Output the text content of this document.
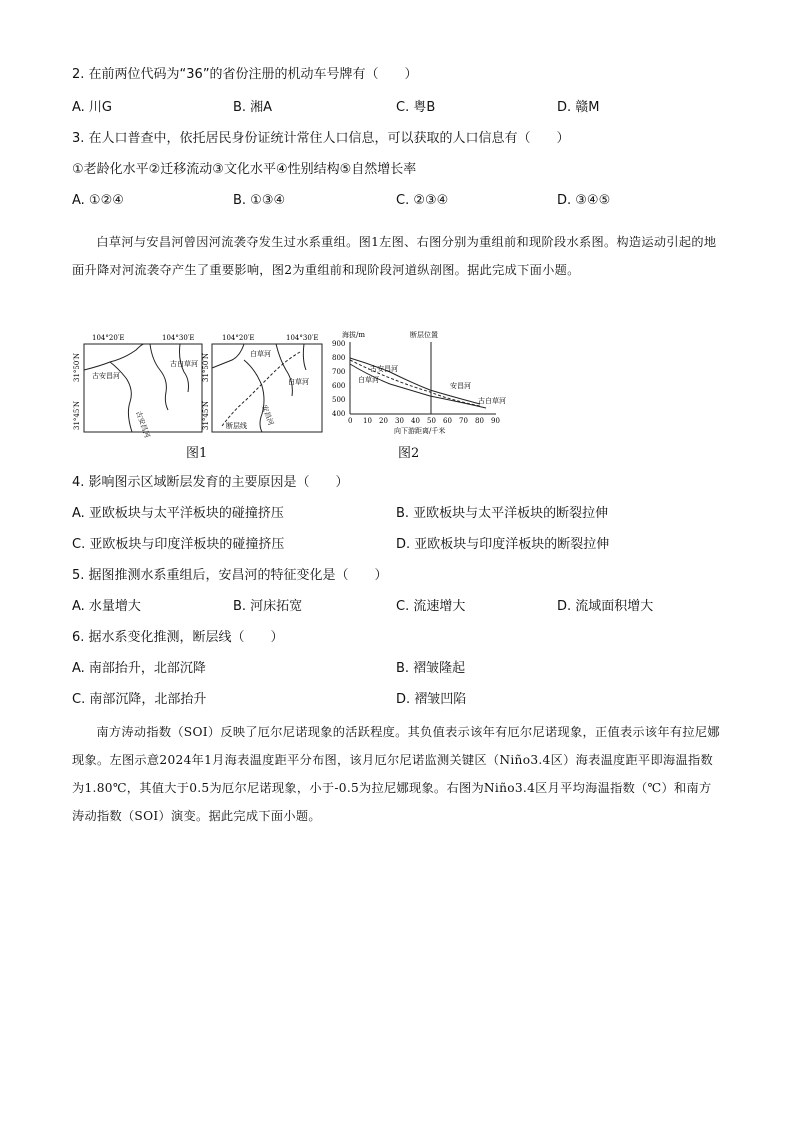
2. 在前两位代码为“36”的省份注册的机动车号牌有（　　）
A. 川G	B. 湘A	C. 粤B	D. 赣M
3. 在人口普查中，依托居民身份证统计常住人口信息，可以获取的人口信息有（　　）
①老龄化水平②迁移流动③文化水平④性别结构⑤自然增长率
A. ①②④	B. ①③④	C. ②③④	D. ③④⑤
白草河与安昌河曾因河流袭夺发生过水系重组。图1左图、右图分别为重组前和现阶段水系图。构造运动引起的地面升降对河流袭夺产生了重要影响，图2为重组前和现阶段河道纵剖图。据此完成下面小题。
104°20′E	104°30′E
31°50′N
31°45′N
古安昌河
古白草河
古安昌河
104°20′E	104°30′E
31°50′N
31°45′N
白草河
白草河
安昌河
断层线
图1
海拔/m	断层位置
900
800
700
600
500
400
0 10 20 30 40 50 60 70 80 90
古安昌河
白草河
安昌河
古白草河
向下游距离/千米
图2
4. 影响图示区域断层发育的主要原因是（　　）
A. 亚欧板块与太平洋板块的碰撞挤压	B. 亚欧板块与太平洋板块的断裂拉伸
C. 亚欧板块与印度洋板块的碰撞挤压	D. 亚欧板块与印度洋板块的断裂拉伸
5. 据图推测水系重组后，安昌河的特征变化是（　　）
A. 水量增大	B. 河床拓宽	C. 流速增大	D. 流域面积增大
6. 据水系变化推测，断层线（　　）
A. 南部抬升，北部沉降	B. 褶皱隆起
C. 南部沉降，北部抬升	D. 褶皱凹陷
南方涛动指数（SOI）反映了厄尔尼诺现象的活跃程度。其负值表示该年有厄尔尼诺现象，正值表示该年有拉尼娜现象。左图示意2024年1月海表温度距平分布图，该月厄尔尼诺监测关键区（Niño3.4区）海表温度距平即海温指数为1.80℃，其值大于0.5为厄尔尼诺现象，小于-0.5为拉尼娜现象。右图为Niño3.4区月平均海温指数（℃）和南方涛动指数（SOI）演变。据此完成下面小题。
